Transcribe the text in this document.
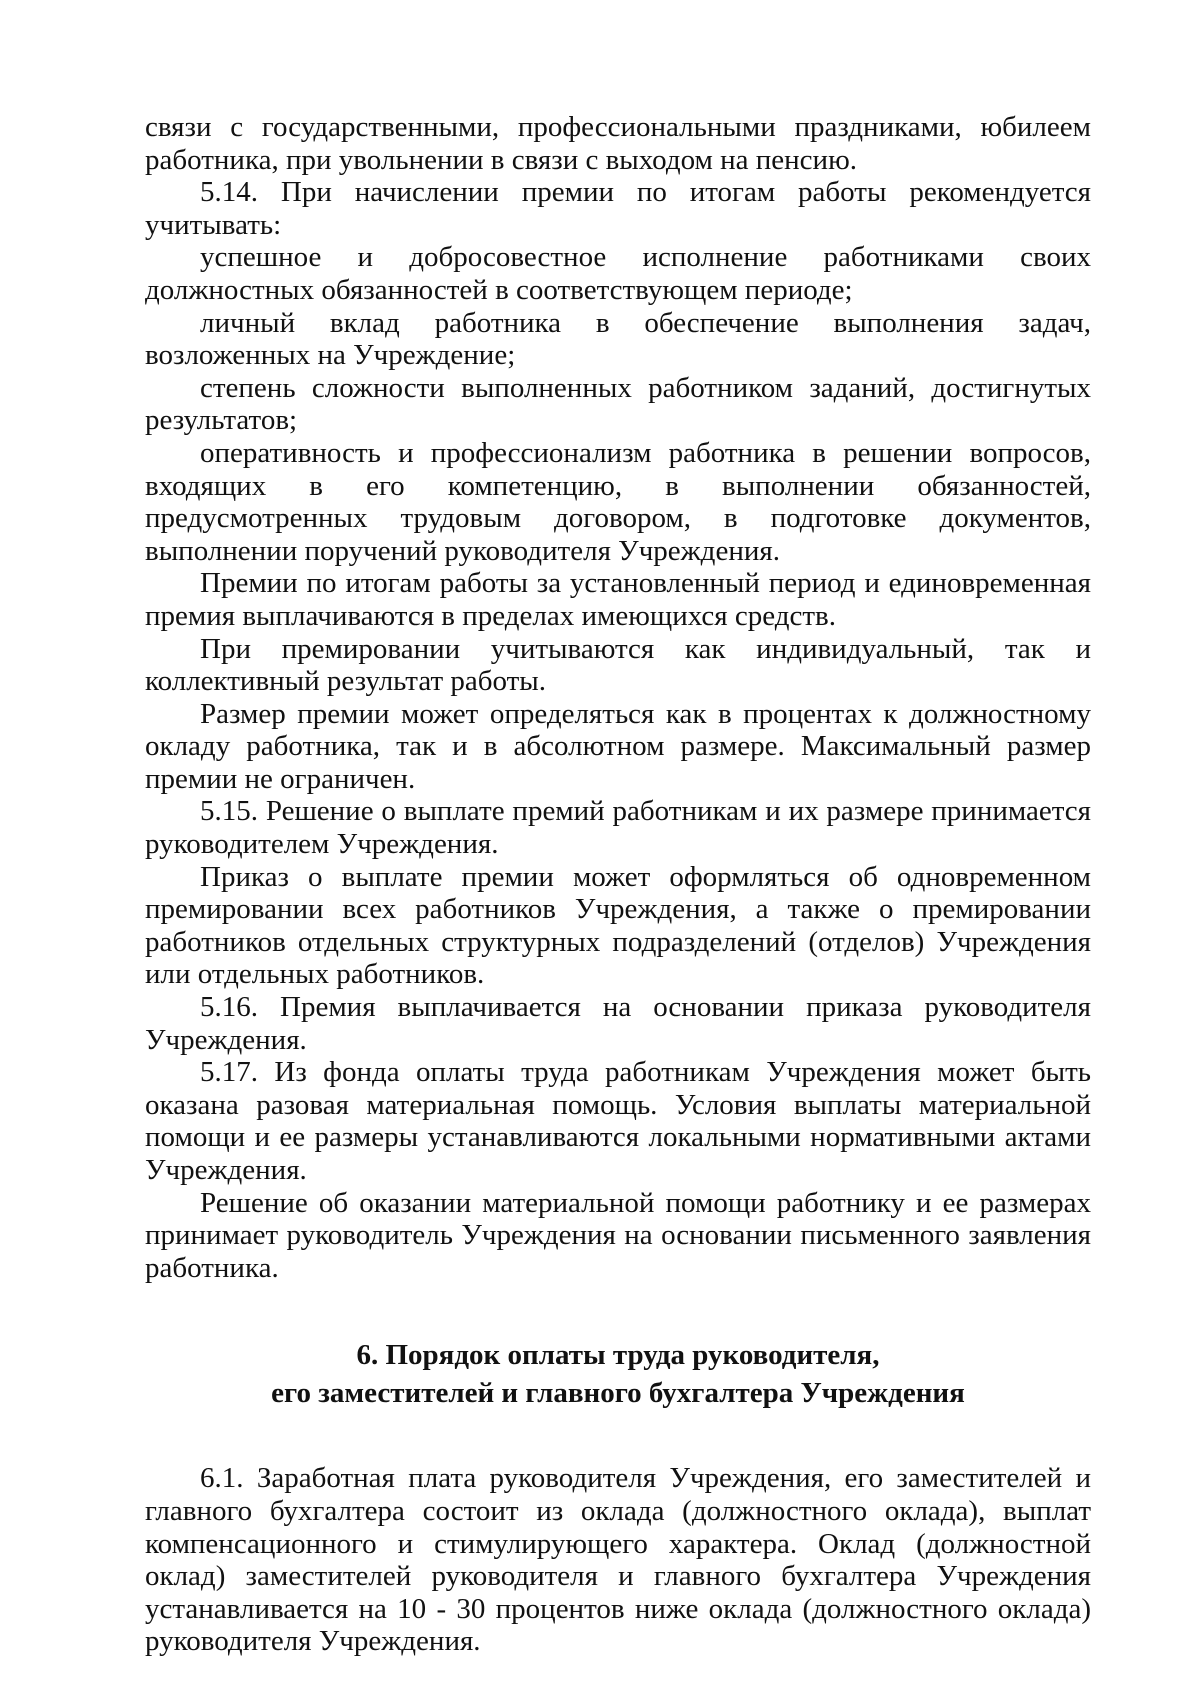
связи с государственными, профессиональными праздниками, юбилеем работника, при увольнении в связи с выходом на пенсию.

5.14. При начислении премии по итогам работы рекомендуется учитывать:

успешное и добросовестное исполнение работниками своих должностных обязанностей в соответствующем периоде;

личный вклад работника в обеспечение выполнения задач, возложенных на Учреждение;

степень сложности выполненных работником заданий, достигнутых результатов;

оперативность и профессионализм работника в решении вопросов, входящих в его компетенцию, в выполнении обязанностей, предусмотренных трудовым договором, в подготовке документов, выполнении поручений руководителя Учреждения.

Премии по итогам работы за установленный период и единовременная премия выплачиваются в пределах имеющихся средств.

При премировании учитываются как индивидуальный, так и коллективный результат работы.

Размер премии может определяться как в процентах к должностному окладу работника, так и в абсолютном размере. Максимальный размер премии не ограничен.

5.15. Решение о выплате премий работникам и их размере принимается руководителем Учреждения.

Приказ о выплате премии может оформляться об одновременном премировании всех работников Учреждения, а также о премировании работников отдельных структурных подразделений (отделов) Учреждения или отдельных работников.

5.16. Премия выплачивается на основании приказа руководителя Учреждения.

5.17. Из фонда оплаты труда работникам Учреждения может быть оказана разовая материальная помощь. Условия выплаты материальной помощи и ее размеры устанавливаются локальными нормативными актами Учреждения.

Решение об оказании материальной помощи работнику и ее размерах принимает руководитель Учреждения на основании письменного заявления работника.

6. Порядок оплаты труда руководителя,
его заместителей и главного бухгалтера Учреждения

6.1. Заработная плата руководителя Учреждения, его заместителей и главного бухгалтера состоит из оклада (должностного оклада), выплат компенсационного и стимулирующего характера. Оклад (должностной оклад) заместителей руководителя и главного бухгалтера Учреждения устанавливается на 10 - 30 процентов ниже оклада (должностного оклада) руководителя Учреждения.
